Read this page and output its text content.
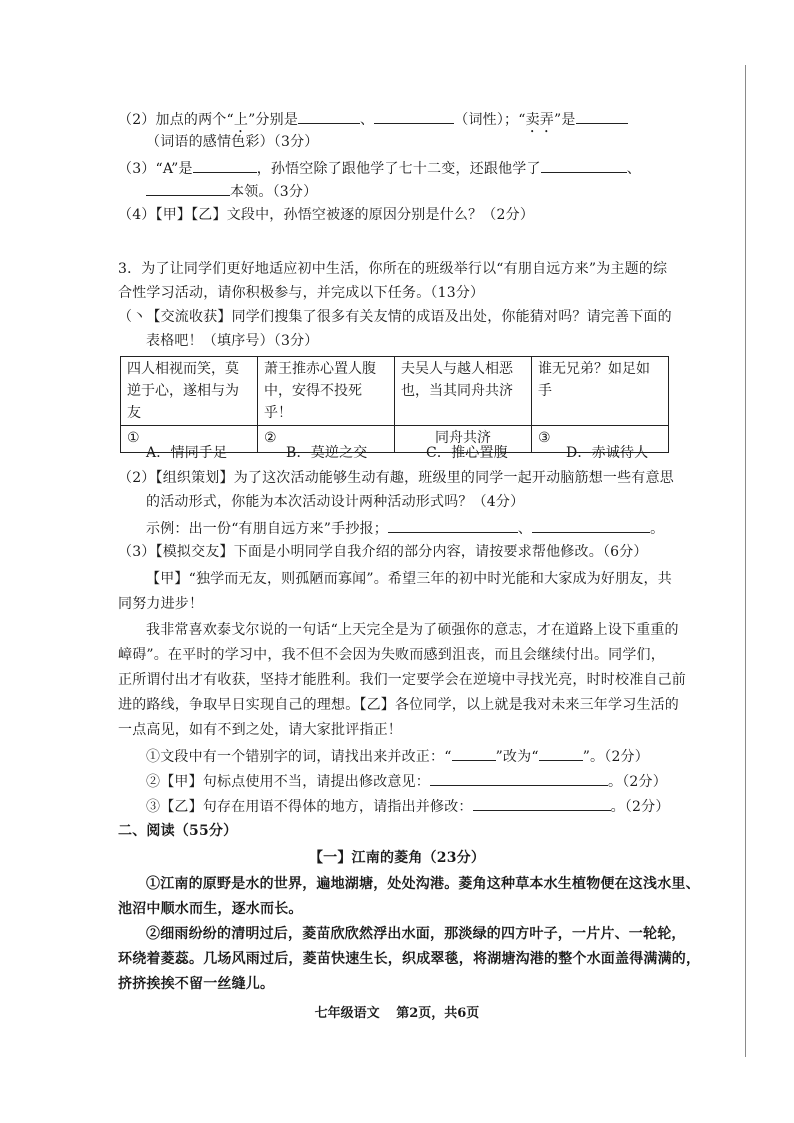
（2）加点的两个“上”分别是	、	（词性）；“卖弄”是
（词语的感情色彩）（3分）
（3）“A”是	，孙悟空除了跟他学了七十二变，还跟他学了	、
本领。（3分）
（4）【甲】【乙】文段中，孙悟空被逐的原因分别是什么？（2分）
3．为了让同学们更好地适应初中生活，你所在的班级举行以“有朋自远方来”为主题的综
合性学习活动，请你积极参与，并完成以下任务。（13分）
（丶【交流收获】同学们搜集了很多有关友情的成语及出处，你能猜对吗？请完善下面的
表格吧！（填序号）（3分）
四人相视而笑，莫逆于心，遂相与为友	萧王推赤心置人腹中，安得不投死乎！	夫吴人与越人相恶也，当其同舟共济	谁无兄弟？如足如手
①	②	同舟共济	③
A．情同手足	B．莫逆之交	C．推心置腹	D．赤诚待人
（2）【组织策划】为了这次活动能够生动有趣，班级里的同学一起开动脑筋想一些有意思
的活动形式，你能为本次活动设计两种活动形式吗？（4分）
示例：出一份“有朋自远方来”手抄报；	、	。
（3）【模拟交友】下面是小明同学自我介绍的部分内容，请按要求帮他修改。（6分）
【甲】“独学而无友，则孤陋而寡闻”。希望三年的初中时光能和大家成为好朋友，共
同努力进步！
我非常喜欢泰戈尔说的一句话“上天完全是为了硕强你的意志，才在道路上设下重重的
嶂碍”。在平时的学习中，我不但不会因为失败而感到沮丧，而且会继续付出。同学们，
正所谓付出才有收获，坚持才能胜利。我们一定要学会在逆境中寻找光亮，时时校准自己前
进的路线，争取早日实现自己的理想。【乙】各位同学，以上就是我对未来三年学习生活的
一点高见，如有不到之处，请大家批评指正！
①文段中有一个错别字的词，请找出来并改正：“	”改为“	”。（2分）
②【甲】句标点使用不当，请提出修改意见：	。（2分）
③【乙】句存在用语不得体的地方，请指出并修改：	。（2分）
二、阅读（55分）
【一】江南的菱角（23分）
①江南的原野是水的世界，遍地湖塘，处处沟港。菱角这种草本水生植物便在这浅水里、
池沼中顺水而生，逐水而长。
②细雨纷纷的清明过后，菱苗欣欣然浮出水面，那淡绿的四方叶子，一片片、一轮轮，
环绕着菱蕊。几场风雨过后，菱苗快速生长，织成翠毯，将湖塘沟港的整个水面盖得满满的，
挤挤挨挨不留一丝缝儿。
七年级语文 第2页，共6页
